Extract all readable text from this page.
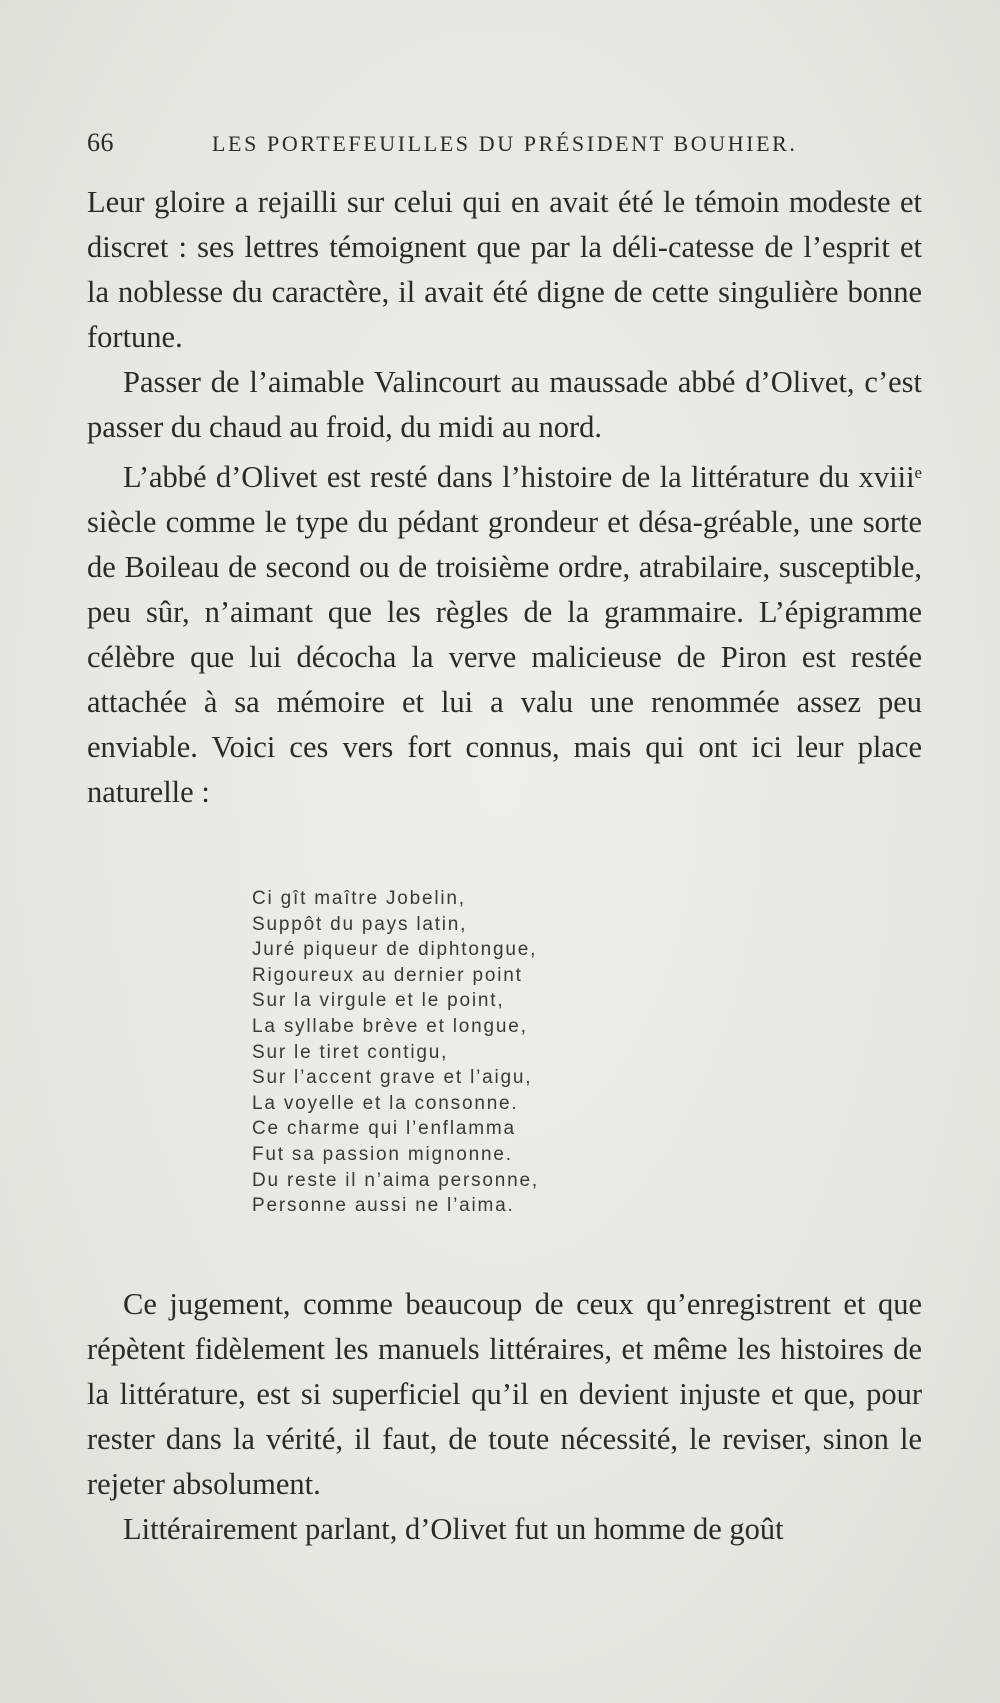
66	LES PORTEFEUILLES DU PRÉSIDENT BOUHIER.

Leur gloire a rejailli sur celui qui en avait été le témoin modeste et discret : ses lettres témoignent que par la déli-catesse de l’esprit et la noblesse du caractère, il avait été digne de cette singulière bonne fortune.

Passer de l’aimable Valincourt au maussade abbé d’Olivet, c’est passer du chaud au froid, du midi au nord.

L’abbé d’Olivet est resté dans l’histoire de la littérature du xviii$^e$ siècle comme le type du pédant grondeur et désa-gréable, une sorte de Boileau de second ou de troisième ordre, atrabilaire, susceptible, peu sûr, n’aimant que les règles de la grammaire. L’épigramme célèbre que lui décocha la verve malicieuse de Piron est restée attachée à sa mémoire et lui a valu une renommée assez peu enviable. Voici ces vers fort connus, mais qui ont ici leur place naturelle :

Ci gît maître Jobelin,
Suppôt du pays latin,
Juré piqueur de diphtongue,
Rigoureux au dernier point
Sur la virgule et le point,
La syllabe brève et longue,
Sur le tiret contigu,
Sur l’accent grave et l’aigu,
La voyelle et la consonne.
Ce charme qui l’enflamma
Fut sa passion mignonne.
Du reste il n’aima personne,
Personne aussi ne l’aima.

Ce jugement, comme beaucoup de ceux qu’enregistrent et que répètent fidèlement les manuels littéraires, et même les histoires de la littérature, est si superficiel qu’il en devient injuste et que, pour rester dans la vérité, il faut, de toute nécessité, le reviser, sinon le rejeter absolument.

Littérairement parlant, d’Olivet fut un homme de goût
